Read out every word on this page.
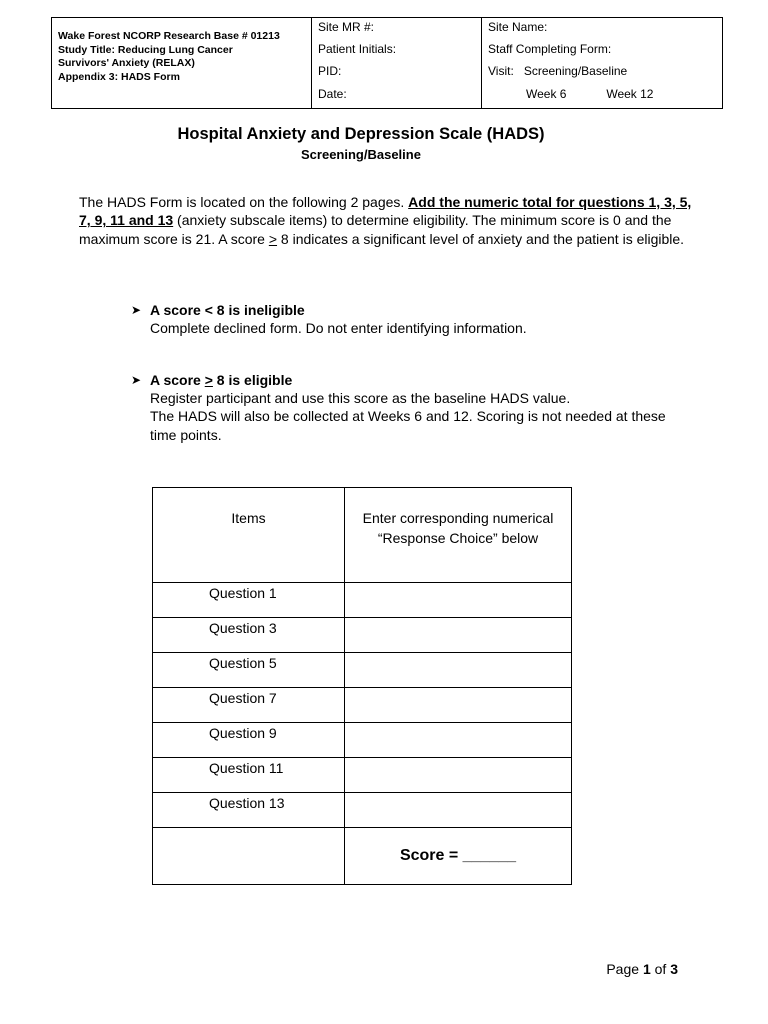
Wake Forest NCORP Research Base # 01213
Study Title: Reducing Lung Cancer
Survivors' Anxiety (RELAX)
Appendix 3: HADS Form

Site MR #:
Patient Initials:
PID:
Date:

Site Name:
Staff Completing Form:
Visit: Screening/Baseline
Week 6	Week 12
Hospital Anxiety and Depression Scale (HADS)
Screening/Baseline

The HADS Form is located on the following 2 pages. Add the numeric total for questions 1, 3, 5, 7, 9, 11 and 13 (anxiety subscale items) to determine eligibility. The minimum score is 0 and the maximum score is 21. A score ≥ 8 indicates a significant level of anxiety and the patient is eligible.

➤ A score < 8 is ineligible
Complete declined form. Do not enter identifying information.
➤ A score ≥ 8 is eligible
Register participant and use this score as the baseline HADS value.
The HADS will also be collected at Weeks 6 and 12. Scoring is not needed at these time points.
Items	Enter corresponding numerical “Response Choice” below
Question 1	
Question 3	
Question 5	
Question 7	
Question 9	
Question 11	
Question 13	
	Score = ______
Page 1 of 3
